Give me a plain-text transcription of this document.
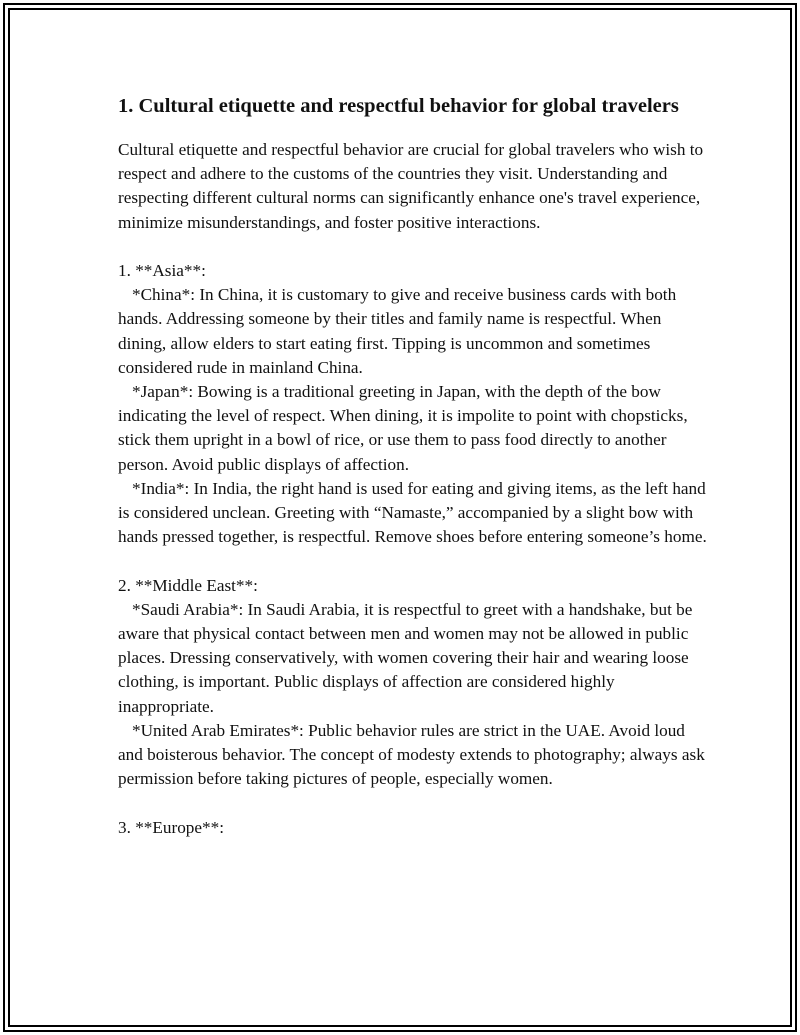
1. Cultural etiquette and respectful behavior for global travelers

Cultural etiquette and respectful behavior are crucial for global travelers who wish to respect and adhere to the customs of the countries they visit. Understanding and respecting different cultural norms can significantly enhance one's travel experience, minimize misunderstandings, and foster positive interactions.

1. **Asia**:

*China*: In China, it is customary to give and receive business cards with both hands. Addressing someone by their titles and family name is respectful. When dining, allow elders to start eating first. Tipping is uncommon and sometimes considered rude in mainland China.

*Japan*: Bowing is a traditional greeting in Japan, with the depth of the bow indicating the level of respect. When dining, it is impolite to point with chopsticks, stick them upright in a bowl of rice, or use them to pass food directly to another person. Avoid public displays of affection.

*India*: In India, the right hand is used for eating and giving items, as the left hand is considered unclean. Greeting with “Namaste,” accompanied by a slight bow with hands pressed together, is respectful. Remove shoes before entering someone’s home.

2. **Middle East**:

*Saudi Arabia*: In Saudi Arabia, it is respectful to greet with a handshake, but be aware that physical contact between men and women may not be allowed in public places. Dressing conservatively, with women covering their hair and wearing loose clothing, is important. Public displays of affection are considered highly inappropriate.

*United Arab Emirates*: Public behavior rules are strict in the UAE. Avoid loud and boisterous behavior. The concept of modesty extends to photography; always ask permission before taking pictures of people, especially women.

3. **Europe**:
